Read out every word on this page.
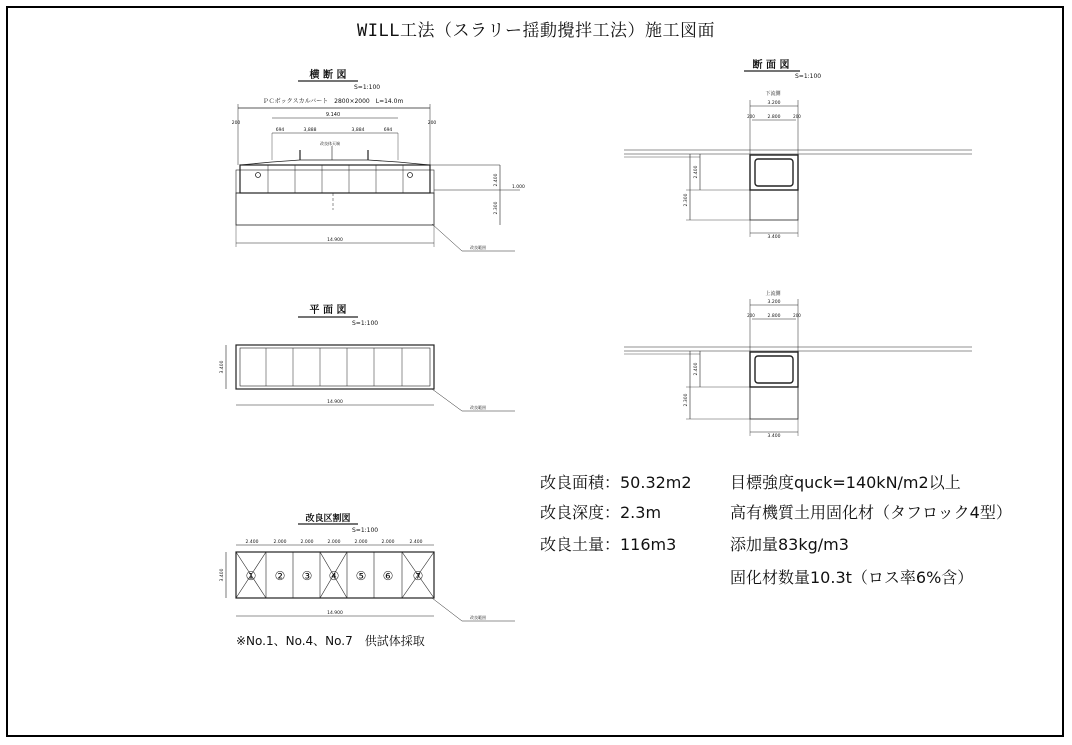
WILL工法（スラリー揺動攪拌工法）施工図面
横 断 図
S=1:100
ＰＣボックスカルバート　2800×2000　L=14.0m
9.140
694	3,888	3,884	694
200	200
改良体天端
2.400
2.300
1.000
14.900
改良範囲
平 面 図
S=1:100
3.400
14.900
改良範囲
改良区割図
S=1:100
2.400	2.000	2.000	2.000	2.000	2.000	2.400
① ② ③ ④ ⑤ ⑥ ⑦
3.400
14.900
改良範囲
断 面 図
S=1:100
下流側
3.200
2.800
200	200
2.300
2.400
3.400
上流側
3.200
2.800
200	200
2.300
2.400
3.400
改良面積：50.32m2
改良深度：2.3m
改良土量：116m3
目標強度quck=140kN/m2以上
高有機質土用固化材（タフロック4型）
添加量83kg/m3
固化材数量10.3t（ロス率6%含）
※No.1、No.4、No.7　供試体採取
